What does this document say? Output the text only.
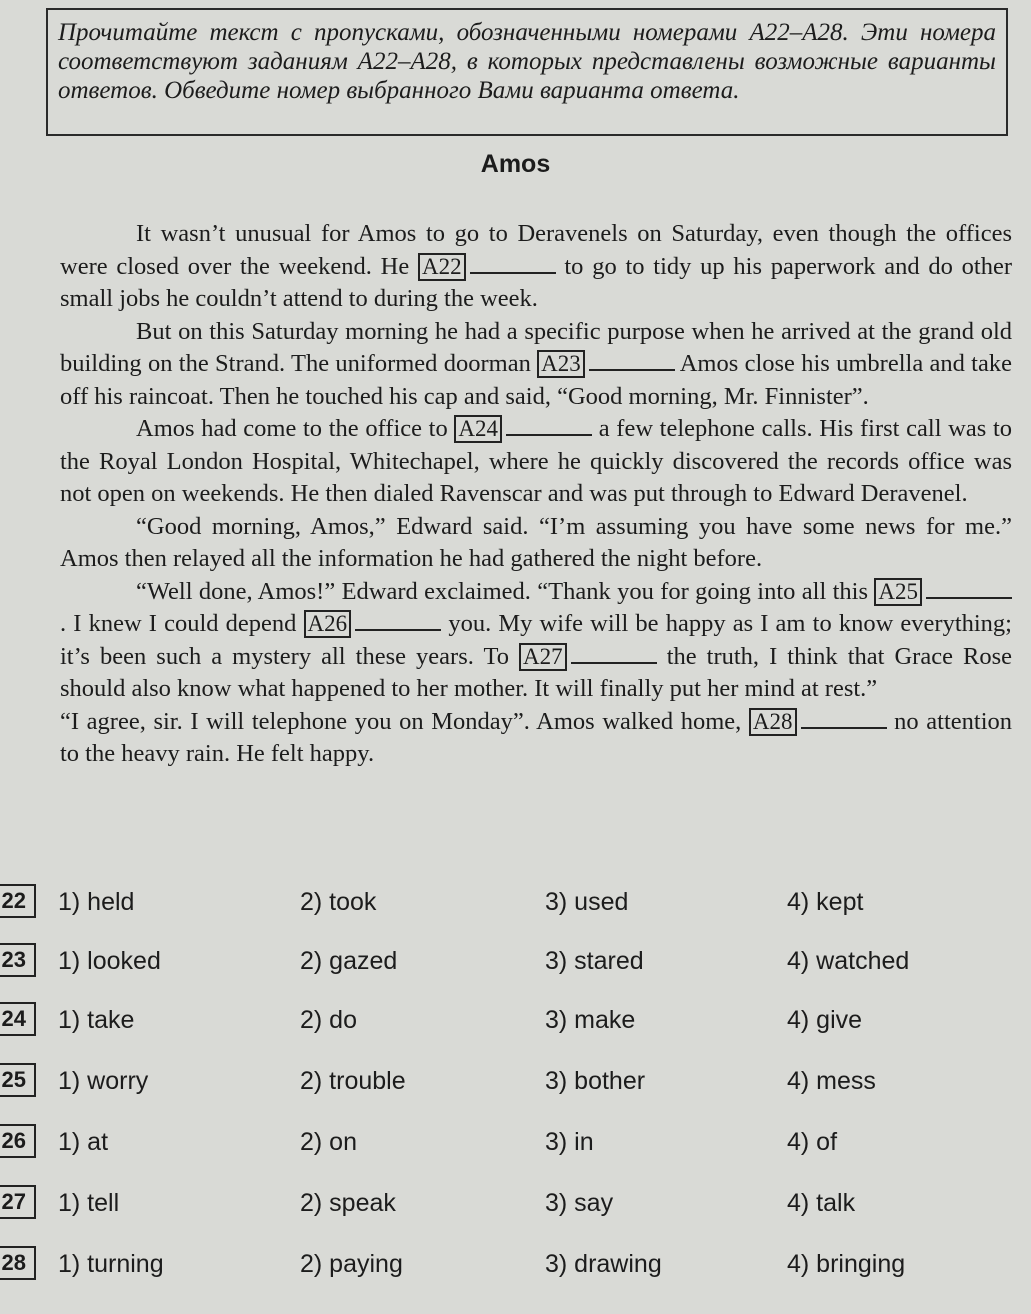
Прочитайте текст с пропусками, обозначенными номерами A22–A28. Эти номера соответствуют заданиям A22–A28, в которых представлены возможные варианты ответов. Обведите номер выбранного Вами варианта ответа.
Amos

It wasn’t unusual for Amos to go to Deravenels on Saturday, even though the offices were closed over the weekend. He A22	to go to tidy up his paperwork and do other small jobs he couldn’t attend to during the week.

But on this Saturday morning he had a specific purpose when he arrived at the grand old building on the Strand. The uniformed doorman A23	Amos close his umbrella and take off his raincoat. Then he touched his cap and said, “Good morning, Mr. Finnister”.

Amos had come to the office to A24	a few telephone calls. His first call was to the Royal London Hospital, Whitechapel, where he quickly discovered the records office was not open on weekends. He then dialed Ravenscar and was put through to Edward Deravenel.

“Good morning, Amos,” Edward said. “I’m assuming you have some news for me.” Amos then relayed all the information he had gathered the night before.

“Well done, Amos!” Edward exclaimed. “Thank you for going into all this A25. I knew I could depend A26	you. My wife will be happy as I am to know everything; it’s been such a mystery all these years. To A27	the truth, I think that Grace Rose should also know what happened to her mother. It will finally put her mind at rest.”

“I agree, sir. I will telephone you on Monday”. Amos walked home, A28	no attention to the heavy rain. He felt happy.

22	1) held	2) took	3) used	4) kept
23	1) looked	2) gazed	3) stared	4) watched
24	1) take	2) do	3) make	4) give
25	1) worry	2) trouble	3) bother	4) mess
26	1) at	2) on	3) in	4) of
27	1) tell	2) speak	3) say	4) talk
28	1) turning	2) paying	3) drawing	4) bringing
